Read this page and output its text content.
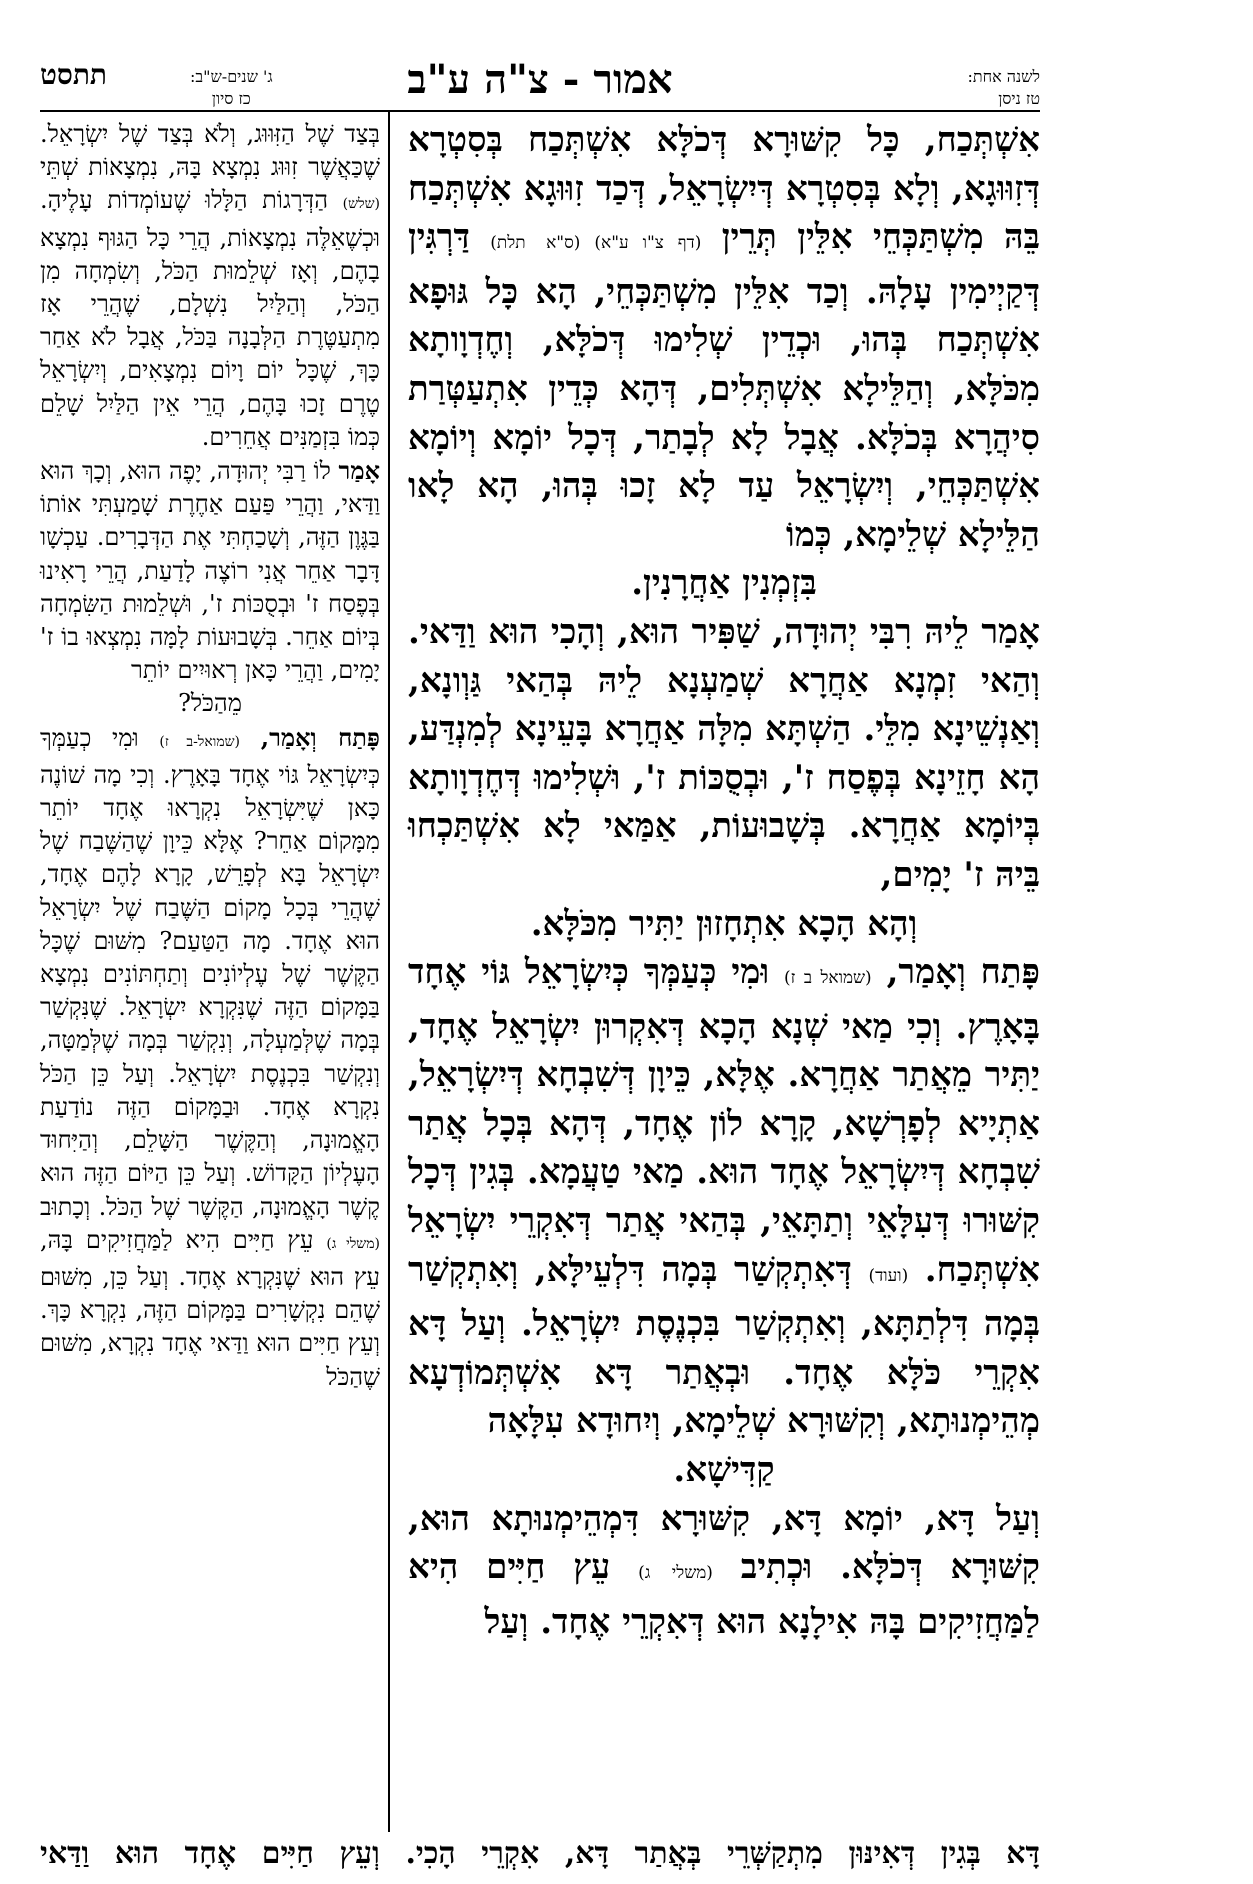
לשנה אחת:
טז ניסן
אמור - צ"ה ע"ב
ג' שנים-ש"ב:
כז סיון
תתסט

אִשְׁתְּכַח, כָּל קִשּׁוּרָא דְּכֹלָּא אִשְׁתְּכַח בְּסִטְרָא דְּזִוּוּגָא, וְלָא בְּסִטְרָא דְּיִשְׂרָאֵל, דְּכַד זִוּוּגָא אִשְׁתְּכַח בֵּהּ מִשְׁתַּכְּחֵי אִלֵּין תְּרֵין (דף צ"ו ע"א) (ס"א תלת) דַּרְגִּין דְּקַיְימִין עָלָהּ. וְכַד אִלֵּין מִשְׁתַּכְּחֵי, הָא כָּל גּוּפָא אִשְׁתְּכַח בְּהוּ, וּכְדֵין שְׁלִימוּ דְּכֹלָּא, וְחֶדְוָותָא מִכֹּלָּא, וְהַלֵּילָא אִשְׁתְּלִים, דְּהָא כְּדֵין אִתְעַטְּרַת סִיהֲרָא בְּכֹלָּא. אֲבָל לָא לְבָתַר, דְּכָל יוֹמָא וְיוֹמָא אִשְׁתַּכְּחֵי, וְיִשְׂרָאֵל עַד לָא זָכוּ בְּהוּ, הָא לָאו הַלֵּילָא שְׁלֵימָא, כְּמוֹ

בִּזְמְנִין אַחֲרָנִין.

אָמַר לֵיהּ רִבִּי יְהוּדָה, שַׁפִּיר הוּא, וְהָכִי הוּא וַדַּאי. וְהַאי זִמְנָא אַחֲרָא שְׁמַעְנָא לֵיהּ בְּהַאי גַּוְונָא, וְאַנְשֵׁינָא מִלֵּי. הַשְׁתָּא מִלָּה אַחֲרָא בָּעֵינָא לְמִנְדַּע, הָא חָזֵינָא בְּפֶסַח ז', וּבְסֻכּוֹת ז', וּשְׁלִימוּ דְּחֶדְוָותָא בְּיוֹמָא אַחֲרָא. בְּשָׁבוּעוֹת, אַמַּאי לָא אִשְׁתַּכְחוּ בֵּיהּ ז' יָמִים,

וְהָא הָכָא אִתְחָזוּן יַתִּיר מִכֹּלָּא.

פָּתַח וְאָמַר, (שמואל ב ז) וּמִי כְּעַמְּךָ כְּיִשְׂרָאֵל גּוֹי אֶחָד בָּאָרֶץ. וְכִי מַאי שְׁנָא הָכָא דְּאִקְרוּן יִשְׂרָאֵל אֶחָד, יַתִּיר מֵאֲתַר אַחֲרָא. אֶלָּא, כֵּיוָן דְּשִׁבְחָא דְּיִשְׂרָאֵל, אַתְיָיא לְפָרְשָׁא, קָרָא לוֹן אֶחָד, דְּהָא בְּכָל אֲתַר שִׁבְחָא דְּיִשְׂרָאֵל אֶחָד הוּא. מַאי טַעֲמָא. בְּגִין דְּכָל קִשּׁוּרוּ דְּעִלָּאֵי וְתַתָּאֵי, בְּהַאי אֲתַר דְּאִקְרֵי יִשְׂרָאֵל אִשְׁתְּכַח. (ועוד) דְּאִתְקְשַׁר בְּמָה דִּלְעֵילָּא, וְאִתְקְשַׁר בְּמָה דִּלְתַתָּא, וְאִתְקְשַׁר בִּכְנֶסֶת יִשְׂרָאֵל. וְעַל דָּא אִקְרֵי כֹּלָּא אֶחָד. וּבְאֲתַר דָּא אִשְׁתְּמוֹדְעָא מְהֵימְנוּתָא, וְקִשּׁוּרָא שְׁלֵימָא, וְיִחוּדָא עִלָּאָה

קַדִּישָׁא.

וְעַל דָּא, יוֹמָא דָּא, קִשּׁוּרָא דִּמְהֵימְנוּתָא הוּא, קִשּׁוּרָא דְּכֹלָּא. וּכְתִיב (משלי ג) עֵץ חַיִּים הִיא לַמַּחֲזִיקִים בָּהּ אִילָנָא הוּא דְּאִקְרֵי אֶחָד. וְעַל

בְּצַד שֶׁל הַזִּוּוּג, וְלֹא בְּצַד שֶׁל יִשְׂרָאֵל. שֶׁכַּאֲשֶׁר זִוּוּג נִמְצָא בָּהּ, נִמְצָאוֹת שְׁתֵּי (שלש) הַדְּרָגוֹת הַלָּלוּ שֶׁעוֹמְדוֹת עָלֶיהָ. וּכְשֶׁאֵלֶּה נִמְצָאוֹת, הֲרֵי כָּל הַגּוּף נִמְצָא בָהֶם, וְאָז שְׁלֵמוּת הַכֹּל, וְשִׂמְחָה מִן הַכֹּל, וְהַלַּיִל נִשְׁלָם, שֶׁהֲרֵי אָז מִתְעַטֶּרֶת הַלְּבָנָה בַּכֹּל, אֲבָל לֹא אַחַר כָּךְ, שֶׁכָּל יוֹם וָיוֹם נִמְצָאִים, וְיִשְׂרָאֵל טֶרֶם זָכוּ בָּהֶם, הֲרֵי אֵין הַלַּיִל שָׁלֵם כְּמוֹ בִּזְמַנִּים אֲחֵרִים.

אָמַר לוֹ רַבִּי יְהוּדָה, יָפֶה הוּא, וְכָךְ הוּא וַדַּאי, וַהֲרֵי פַּעַם אַחֶרֶת שָׁמַעְתִּי אוֹתוֹ בַּגֶּוֶן הַזֶּה, וְשָׁכַחְתִּי אֶת הַדְּבָרִים. עַכְשָׁו דָּבָר אַחֵר אֲנִי רוֹצֶה לָדַעַת, הֲרֵי רָאִינוּ בְּפֶסַח ז' וּבְסֻכּוֹת ז', וּשְׁלֵמוּת הַשִּׂמְחָה בְּיוֹם אַחֵר. בְּשָׁבוּעוֹת לָמָּה נִמְצְאוּ בוֹ ז' יָמִים, וַהֲרֵי כָּאן רְאוּיִים יוֹתֵר

מֵהַכֹּל?

פָּתַח וְאָמַר, (שמואל-ב ז) וּמִי כְעַמְּךָ כְּיִשְׂרָאֵל גּוֹי אֶחָד בָּאָרֶץ. וְכִי מָה שׁוֹנֶה כָּאן שֶׁיִּשְׂרָאֵל נִקְרָאוּ אֶחָד יוֹתֵר מִמָּקוֹם אַחֵר? אֶלָּא כֵּיוָן שֶׁהַשֶּׁבַח שֶׁל יִשְׂרָאֵל בָּא לְפָרֵשׁ, קָרָא לָהֶם אֶחָד, שֶׁהֲרֵי בְּכָל מָקוֹם הַשֶּׁבַח שֶׁל יִשְׂרָאֵל הוּא אֶחָד. מָה הַטַּעַם? מִשּׁוּם שֶׁכָּל הַקֶּשֶׁר שֶׁל עֶלְיוֹנִים וְתַחְתּוֹנִים נִמְצָא בַּמָּקוֹם הַזֶּה שֶׁנִּקְרָא יִשְׂרָאֵל. שֶׁנִּקְשַׁר בְּמָה שֶׁלְּמַעְלָה, וְנִקְשַׁר בְּמָה שֶׁלְּמַטָּה, וְנִקְשַׁר בִּכְנֶסֶת יִשְׂרָאֵל. וְעַל כֵּן הַכֹּל נִקְרָא אֶחָד. וּבַמָּקוֹם הַזֶּה נוֹדַעַת הָאֱמוּנָה, וְהַקֶּשֶׁר הַשָּׁלֵם, וְהַיִּחוּד הָעֶלְיוֹן הַקָּדוֹשׁ. וְעַל כֵּן הַיּוֹם הַזֶּה הוּא קֶשֶׁר הָאֱמוּנָה, הַקֶּשֶׁר שֶׁל הַכֹּל. וְכָתוּב (משלי ג) עֵץ חַיִּים הִיא לַמַּחֲזִיקִים בָּהּ, עֵץ הוּא שֶׁנִּקְרָא אֶחָד. וְעַל כֵּן, מִשּׁוּם שֶׁהֵם נִקְשָׁרִים בַּמָּקוֹם הַזֶּה, נִקְרָא כָּךְ. וְעֵץ חַיִּים הוּא וַדַּאי אֶחָד נִקְרָא, מִשּׁוּם שֶׁהַכֹּל

דָּא בְּגִין דְּאִינּוּן מִתְקַשְּׁרֵי בְּאֲתַר דָּא, אִקְרֵי הָכִי. וְעֵץ חַיִּים אֶחָד הוּא וַדַּאי
